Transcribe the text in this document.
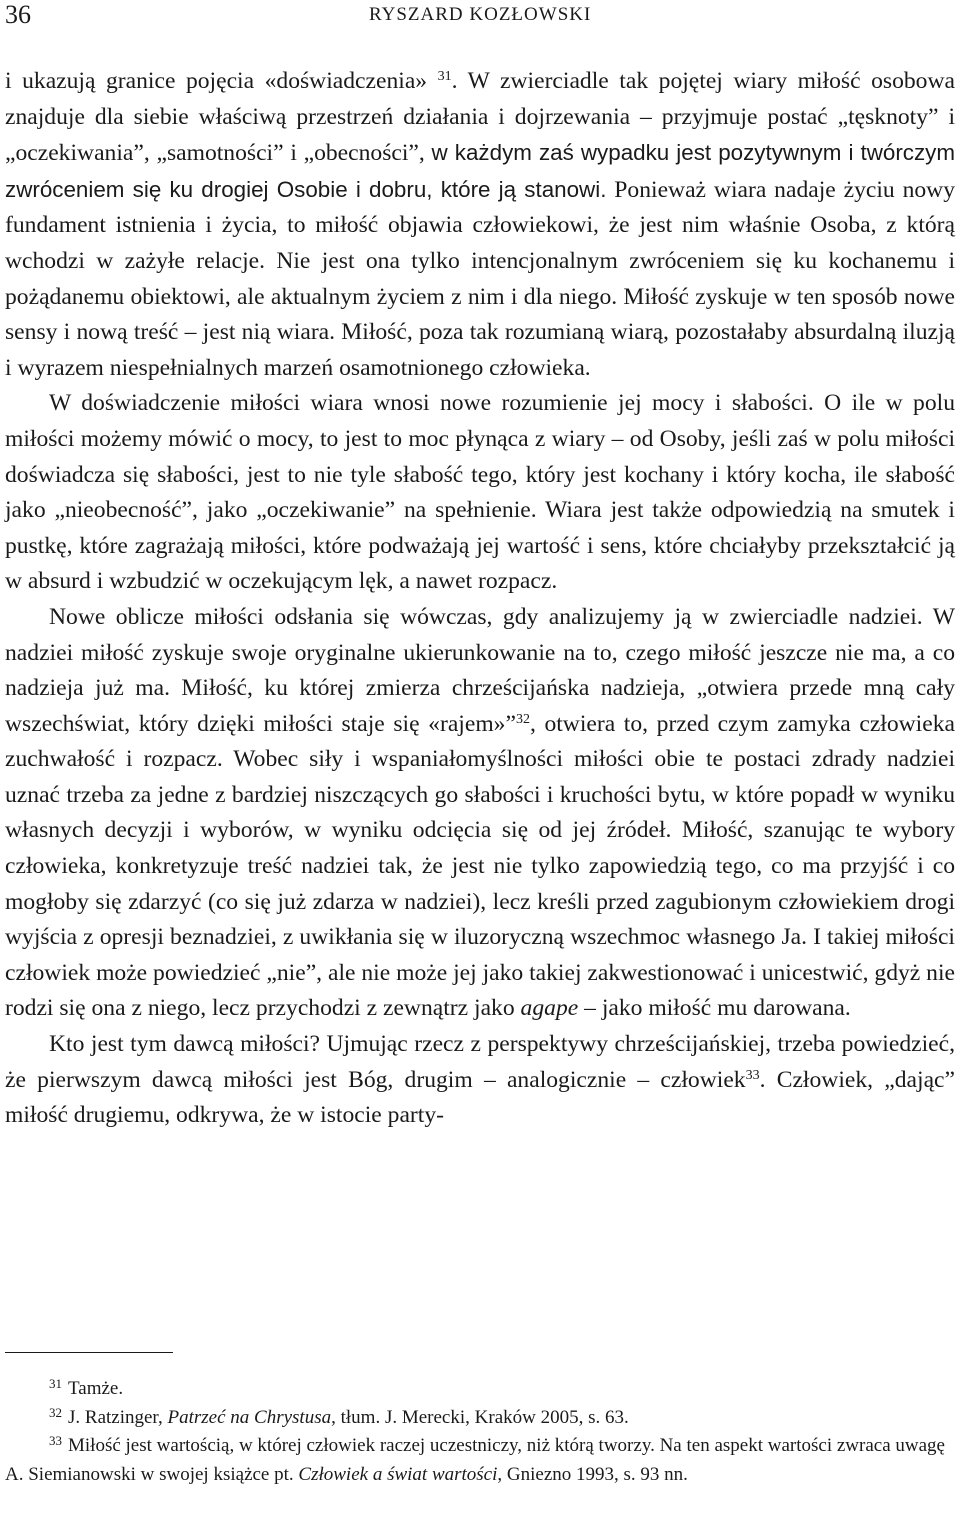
36	RYSZARD KOZŁOWSKI

i ukazują granice pojęcia «doświadczenia» $^{31}$. W zwierciadle tak pojętej wiary miłość osobowa znajduje dla siebie właściwą przestrzeń działania i dojrzewania – przyjmuje postać „tęsknoty” i „oczekiwania”, „samotności” i „obecności”, w każdym zaś wypadku jest pozytywnym i twórczym zwróceniem się ku drogiej Osobie i dobru, które ją stanowi. Ponieważ wiara nadaje życiu nowy fundament istnienia i życia, to miłość objawia człowiekowi, że jest nim właśnie Osoba, z którą wchodzi w zażyłe relacje. Nie jest ona tylko intencjonalnym zwróceniem się ku kochanemu i pożądanemu obiektowi, ale aktualnym życiem z nim i dla niego. Miłość zyskuje w ten sposób nowe sensy i nową treść – jest nią wiara. Miłość, poza tak rozumianą wiarą, pozostałaby absurdalną iluzją i wyrazem niespełnialnych marzeń osamotnionego człowieka.

W doświadczenie miłości wiara wnosi nowe rozumienie jej mocy i słabości. O ile w polu miłości możemy mówić o mocy, to jest to moc płynąca z wiary – od Osoby, jeśli zaś w polu miłości doświadcza się słabości, jest to nie tyle słabość tego, który jest kochany i który kocha, ile słabość jako „nieobecność”, jako „oczekiwanie” na spełnienie. Wiara jest także odpowiedzią na smutek i pustkę, które zagrażają miłości, które podważają jej wartość i sens, które chciałyby przekształcić ją w absurd i wzbudzić w oczekującym lęk, a nawet rozpacz.

Nowe oblicze miłości odsłania się wówczas, gdy analizujemy ją w zwierciadle nadziei. W nadziei miłość zyskuje swoje oryginalne ukierunkowanie na to, czego miłość jeszcze nie ma, a co nadzieja już ma. Miłość, ku której zmierza chrześcijańska nadzieja, „otwiera przede mną cały wszechświat, który dzięki miłości staje się «rajem»”$^{32}$, otwiera to, przed czym zamyka człowieka zuchwałość i rozpacz. Wobec siły i wspaniałomyślności miłości obie te postaci zdrady nadziei uznać trzeba za jedne z bardziej niszczących go słabości i kruchości bytu, w które popadł w wyniku własnych decyzji i wyborów, w wyniku odcięcia się od jej źródeł. Miłość, szanując te wybory człowieka, konkretyzuje treść nadziei tak, że jest nie tylko zapowiedzią tego, co ma przyjść i co mogłoby się zdarzyć (co się już zdarza w nadziei), lecz kreśli przed zagubionym człowiekiem drogi wyjścia z opresji beznadziei, z uwikłania się w iluzoryczną wszechmoc własnego Ja. I takiej miłości człowiek może powiedzieć „nie”, ale nie może jej jako takiej zakwestionować i unicestwić, gdyż nie rodzi się ona z niego, lecz przychodzi z zewnątrz jako agape – jako miłość mu darowana.

Kto jest tym dawcą miłości? Ujmując rzecz z perspektywy chrześcijańskiej, trzeba powiedzieć, że pierwszym dawcą miłości jest Bóg, drugim – analogicznie – człowiek$^{33}$. Człowiek, „dając” miłość drugiemu, odkrywa, że w istocie party-

$^{31}$ Tamże.

$^{32}$ J. Ratzinger, Patrzeć na Chrystusa, tłum. J. Merecki, Kraków 2005, s. 63.

$^{33}$ Miłość jest wartością, w której człowiek raczej uczestniczy, niż którą tworzy. Na ten aspekt wartości zwraca uwagę A. Siemianowski w swojej książce pt. Człowiek a świat wartości, Gniezno 1993, s. 93 nn.
